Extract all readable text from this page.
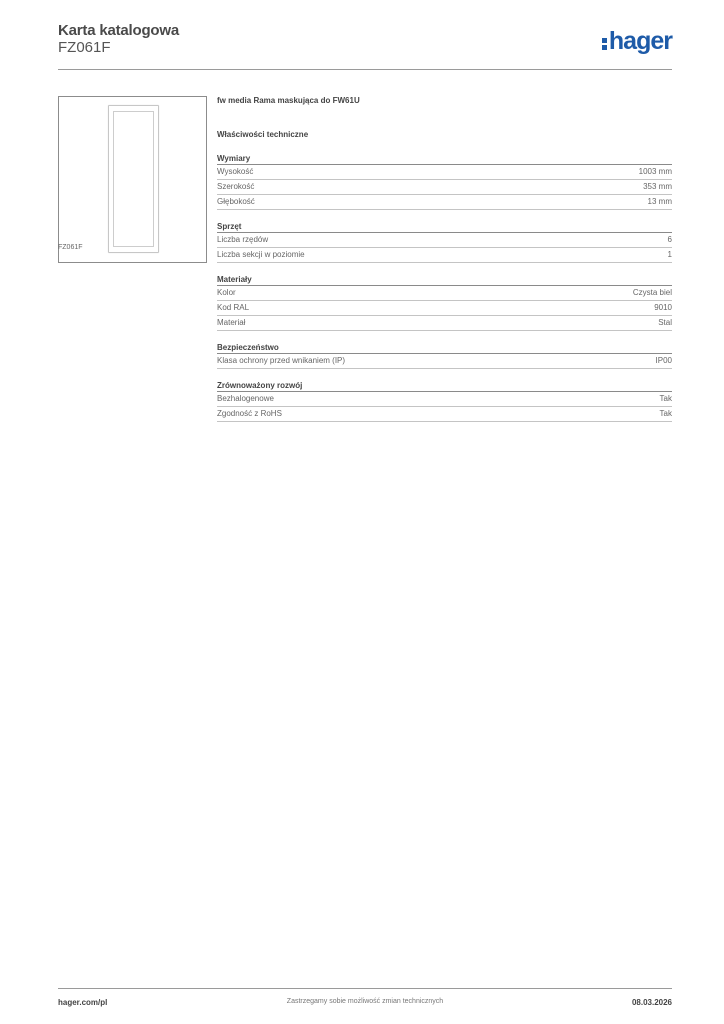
Karta katalogowa
FZ061F	hager
FZ061F
fw media Rama maskująca do FW61U
Właściwości techniczne
Wymiary
Wysokość	1003 mm
Szerokość	353 mm
Głębokość	13 mm
Sprzęt
Liczba rzędów	6
Liczba sekcji w poziomie	1
Materiały
Kolor	Czysta biel
Kod RAL	9010
Materiał	Stal
Bezpieczeństwo
Klasa ochrony przed wnikaniem (IP)	IP00
Zrównoważony rozwój
Bezhalogenowe	Tak
Zgodność z RoHS	Tak
hager.com/pl	Zastrzegamy sobie możliwość zmian technicznych	08.03.2026
